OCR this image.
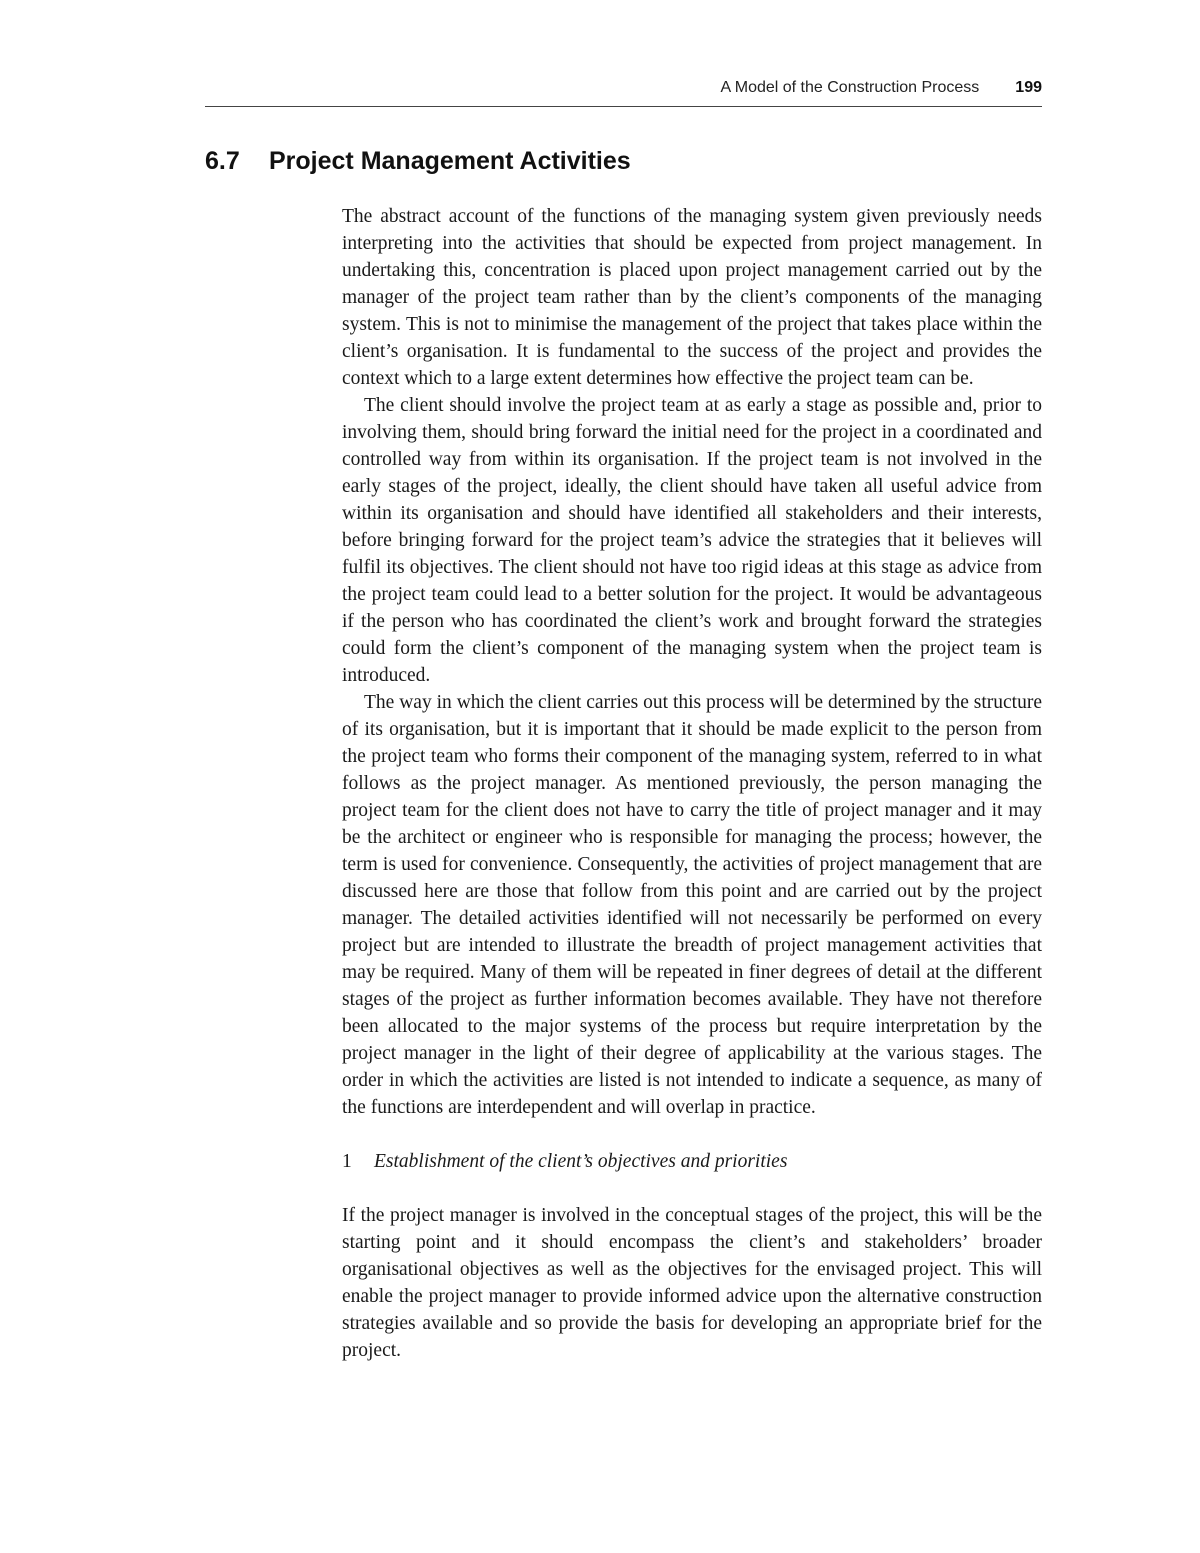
A Model of the Construction Process 199
6.7	Project Management Activities

The abstract account of the functions of the managing system given previously needs interpreting into the activities that should be expected from project management. In undertaking this, concentration is placed upon project management carried out by the manager of the project team rather than by the client’s components of the managing system. This is not to minimise the management of the project that takes place within the client’s organisation. It is fundamental to the success of the project and provides the context which to a large extent determines how effective the project team can be.

The client should involve the project team at as early a stage as possible and, prior to involving them, should bring forward the initial need for the project in a coordinated and controlled way from within its organisation. If the project team is not involved in the early stages of the project, ideally, the client should have taken all useful advice from within its organisation and should have identified all stakeholders and their interests, before bringing forward for the project team’s advice the strategies that it believes will fulfil its objectives. The client should not have too rigid ideas at this stage as advice from the project team could lead to a better solution for the project. It would be advantageous if the person who has coordinated the client’s work and brought forward the strategies could form the client’s component of the managing system when the project team is introduced.

The way in which the client carries out this process will be determined by the structure of its organisation, but it is important that it should be made explicit to the person from the project team who forms their component of the managing system, referred to in what follows as the project manager. As mentioned previously, the person managing the project team for the client does not have to carry the title of project manager and it may be the architect or engineer who is responsible for managing the process; however, the term is used for convenience. Consequently, the activities of project management that are discussed here are those that follow from this point and are carried out by the project manager. The detailed activities identified will not necessarily be performed on every project but are intended to illustrate the breadth of project management activities that may be required. Many of them will be repeated in finer degrees of detail at the different stages of the project as further information becomes available. They have not therefore been allocated to the major systems of the process but require interpretation by the project manager in the light of their degree of applicability at the various stages. The order in which the activities are listed is not intended to indicate a sequence, as many of the functions are interdependent and will overlap in practice.

1	Establishment of the client’s objectives and priorities

If the project manager is involved in the conceptual stages of the project, this will be the starting point and it should encompass the client’s and stakeholders’ broader organisational objectives as well as the objectives for the envisaged project. This will enable the project manager to provide informed advice upon the alternative construction strategies available and so provide the basis for developing an appropriate brief for the project.
